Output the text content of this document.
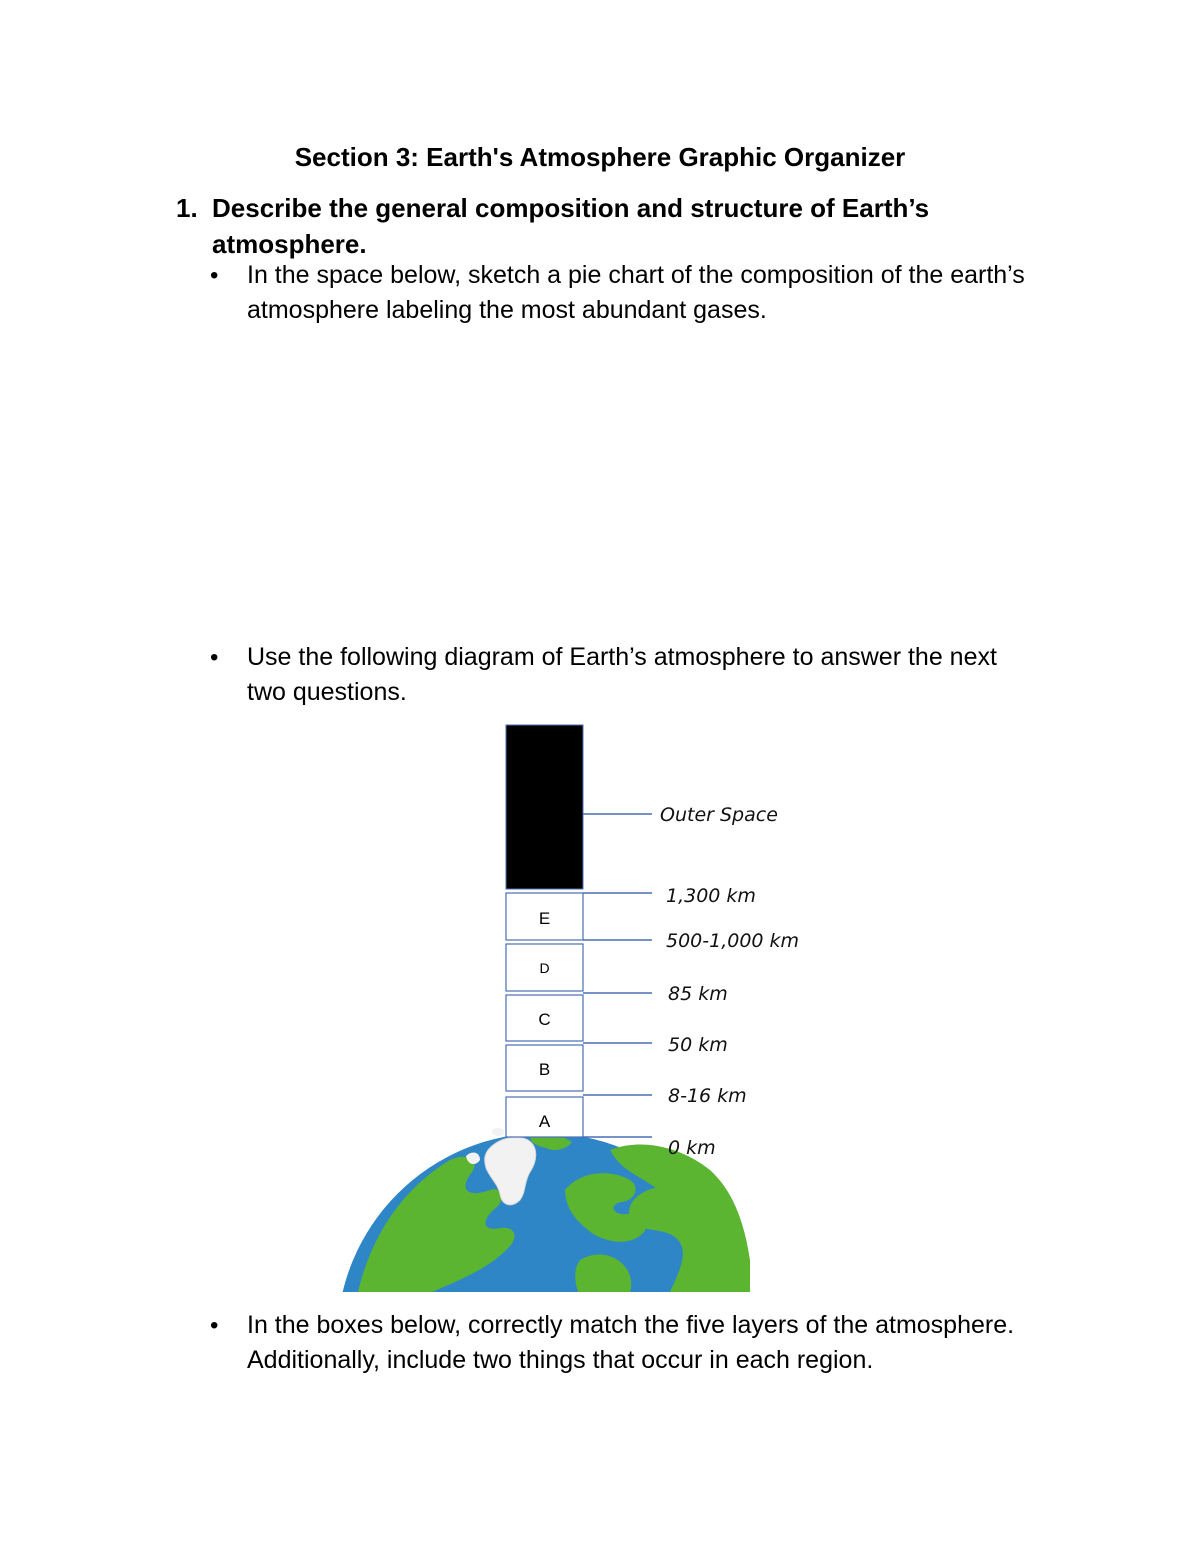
Section 3: Earth's Atmosphere Graphic Organizer
1. Describe the general composition and structure of Earth’s atmosphere.
• In the space below, sketch a pie chart of the composition of the earth’s atmosphere labeling the most abundant gases.
• Use the following diagram of Earth’s atmosphere to answer the next two questions.
E
D
C
B
A
Outer Space
1,300 km
500-1,000 km
85 km
50 km
8-16 km
0 km
• In the boxes below, correctly match the five layers of the atmosphere. Additionally, include two things that occur in each region.
